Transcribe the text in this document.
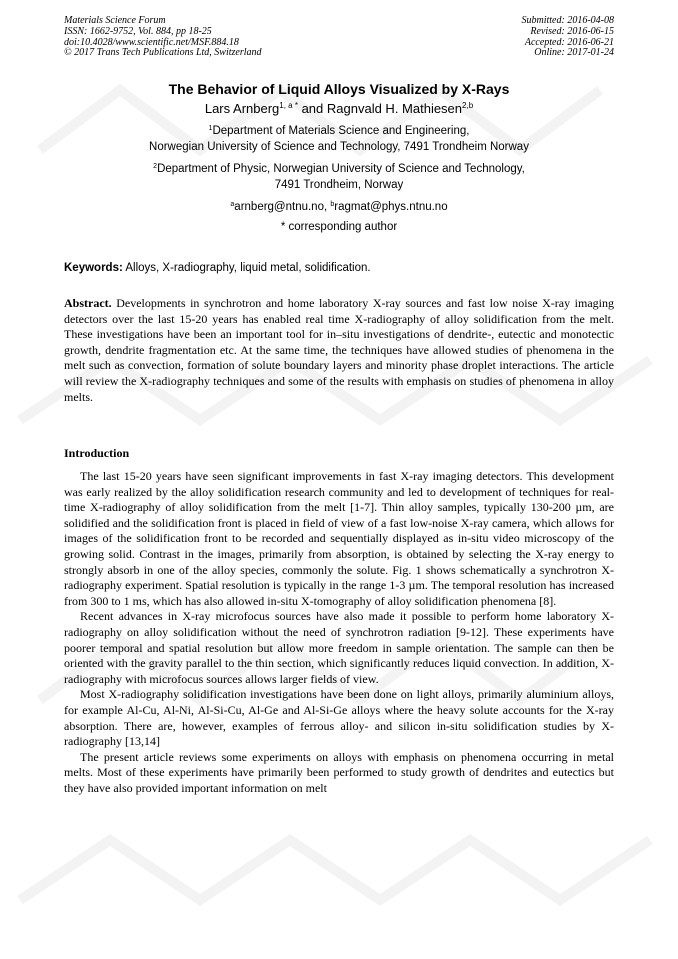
Materials Science Forum
ISSN: 1662-9752, Vol. 884, pp 18-25
doi:10.4028/www.scientific.net/MSF.884.18
© 2017 Trans Tech Publications Ltd, Switzerland
Submitted: 2016-04-08
Revised: 2016-06-15
Accepted: 2016-06-21
Online: 2017-01-24
The Behavior of Liquid Alloys Visualized by X-Rays
Lars Arnberg$^{1, a *}$ and Ragnvald H. Mathiesen$^{2,b}$
$^1$Department of Materials Science and Engineering,
Norwegian University of Science and Technology, 7491 Trondheim Norway
$^2$Department of Physic, Norwegian University of Science and Technology,
7491 Trondheim, Norway
$^a$arnberg@ntnu.no, $^b$ragmat@phys.ntnu.no
* corresponding author
Keywords: Alloys, X-radiography, liquid metal, solidification.
Abstract. Developments in synchrotron and home laboratory X-ray sources and fast low noise X-ray imaging detectors over the last 15-20 years has enabled real time X-radiography of alloy solidification from the melt. These investigations have been an important tool for in–situ investigations of dendrite-, eutectic and monotectic growth, dendrite fragmentation etc. At the same time, the techniques have allowed studies of phenomena in the melt such as convection, formation of solute boundary layers and minority phase droplet interactions. The article will review the X-radiography techniques and some of the results with emphasis on studies of phenomena in alloy melts.
Introduction

The last 15-20 years have seen significant improvements in fast X-ray imaging detectors. This development was early realized by the alloy solidification research community and led to development of techniques for real-time X-radiography of alloy solidification from the melt [1-7]. Thin alloy samples, typically 130-200 µm, are solidified and the solidification front is placed in field of view of a fast low-noise X-ray camera, which allows for images of the solidification front to be recorded and sequentially displayed as in-situ video microscopy of the growing solid. Contrast in the images, primarily from absorption, is obtained by selecting the X-ray energy to strongly absorb in one of the alloy species, commonly the solute. Fig. 1 shows schematically a synchrotron X-radiography experiment. Spatial resolution is typically in the range 1-3 µm. The temporal resolution has increased from 300 to 1 ms, which has also allowed in-situ X-tomography of alloy solidification phenomena [8].

Recent advances in X-ray microfocus sources have also made it possible to perform home laboratory X-radiography on alloy solidification without the need of synchrotron radiation [9-12]. These experiments have poorer temporal and spatial resolution but allow more freedom in sample orientation. The sample can then be oriented with the gravity parallel to the thin section, which significantly reduces liquid convection. In addition, X-radiography with microfocus sources allows larger fields of view.

Most X-radiography solidification investigations have been done on light alloys, primarily aluminium alloys, for example Al-Cu, Al-Ni, Al-Si-Cu, Al-Ge and Al-Si-Ge alloys where the heavy solute accounts for the X-ray absorption. There are, however, examples of ferrous alloy- and silicon in-situ solidification studies by X-radiography [13,14]

The present article reviews some experiments on alloys with emphasis on phenomena occurring in metal melts. Most of these experiments have primarily been performed to study growth of dendrites and eutectics but they have also provided important information on melt
